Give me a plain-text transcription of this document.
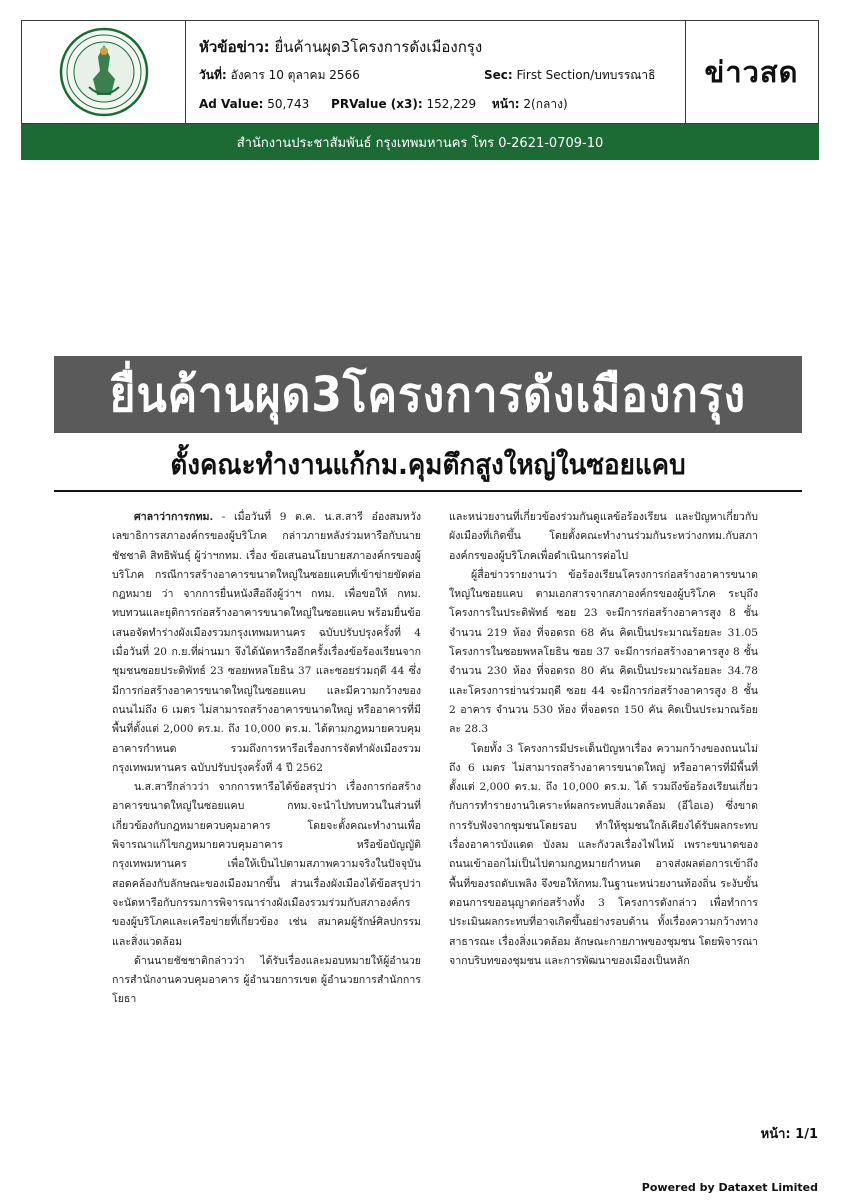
หัวข้อข่าว: ยื่นค้านผุด3โครงการดังเมืองกรุง
วันที่: อังคาร 10 ตุลาคม 2566	Sec: First Section/บทบรรณาธิ
Ad Value: 50,743 PRValue (x3): 152,229 หน้า: 2(กลาง)
ข่าวสด
สำนักงานประชาสัมพันธ์ กรุงเทพมหานคร โทร 0-2621-0709-10
ยื่นค้านผุด3โครงการดังเมืองกรุง
ตั้งคณะทำงานแก้กม.คุมตึกสูงใหญ่ในซอยแคบ

ศาลาว่าการกทม. - เมื่อวันที่ 9 ต.ค. น.ส.สารี อ๋องสมหวัง เลขาธิการสภาองค์กรของผู้บริโภค กล่าวภายหลังร่วมหารือกับนายชัชชาติ สิทธิพันธุ์ ผู้ว่าฯกทม. เรื่อง ข้อเสนอนโยบายสภาองค์กรของผู้บริโภค กรณีการสร้างอาคารขนาดใหญ่ในซอยแคบที่เข้าข่ายขัดต่อกฎหมาย ว่า จากการยื่นหนังสือถึงผู้ว่าฯ กทม. เพื่อขอให้ กทม. ทบทวนและยุติการก่อสร้างอาคารขนาดใหญ่ในซอยแคบ พร้อมยื่นข้อเสนอจัดทำร่างผังเมืองรวมกรุงเทพมหานคร ฉบับปรับปรุงครั้งที่ 4 เมื่อวันที่ 20 ก.ย.ที่ผ่านมา จึงได้นัดหารืออีกครั้งเรื่องข้อร้องเรียนจากชุมชนซอยประดิพัทธ์ 23 ซอยพหลโยธิน 37 และซอยร่วมฤดี 44 ซึ่งมีการก่อสร้างอาคารขนาดใหญ่ในซอยแคบ และมีความกว้างของถนนไม่ถึง 6 เมตร ไม่สามารถสร้างอาคารขนาดใหญ่ หรืออาคารที่มีพื้นที่ตั้งแต่ 2,000 ตร.ม. ถึง 10,000 ตร.ม. ได้ตามกฎหมายควบคุมอาคารกำหนด รวมถึงการหารือเรื่องการจัดทำผังเมืองรวมกรุงเทพมหานคร ฉบับปรับปรุงครั้งที่ 4 ปี 2562

น.ส.สารีกล่าวว่า จากการหารือได้ข้อสรุปว่า เรื่องการก่อสร้างอาคารขนาดใหญ่ในซอยแคบ กทม.จะนำไปทบทวนในส่วนที่เกี่ยวข้องกับกฎหมายควบคุมอาคาร โดยจะตั้งคณะทำงานเพื่อพิจารณาแก้ไขกฎหมายควบคุมอาคาร หรือข้อบัญญัติกรุงเทพมหานคร เพื่อให้เป็นไปตามสภาพความจริงในปัจจุบัน สอดคล้องกับลักษณะของเมืองมากขึ้น ส่วนเรื่องผังเมืองได้ข้อสรุปว่าจะนัดหารือกับกรรมการพิจารณาร่างผังเมืองรวมร่วมกับสภาองค์กรของผู้บริโภคและเครือข่ายที่เกี่ยวข้อง เช่น สมาคมผู้รักษ์ศิลปกรรมและสิ่งแวดล้อม

ด้านนายชัชชาติกล่าวว่า ได้รับเรื่องและมอบหมายให้ผู้อำนวยการสำนักงานควบคุมอาคาร ผู้อำนวยการเขต ผู้อำนวยการสำนักการโยธา

และหน่วยงานที่เกี่ยวข้องร่วมกันดูแลข้อร้องเรียน และปัญหาเกี่ยวกับผังเมืองที่เกิดขึ้น โดยตั้งคณะทำงานร่วมกันระหว่างกทม.กับสภาองค์กรของผู้บริโภคเพื่อดำเนินการต่อไป

ผู้สื่อข่าวรายงานว่า ข้อร้องเรียนโครงการก่อสร้างอาคารขนาดใหญ่ในซอยแคบ ตามเอกสารจากสภาองค์กรของผู้บริโภค ระบุถึงโครงการในประดิพัทธ์ ซอย 23 จะมีการก่อสร้างอาคารสูง 8 ชั้น จำนวน 219 ห้อง ที่จอดรถ 68 คัน คิดเป็นประมาณร้อยละ 31.05 โครงการในซอยพหลโยธิน ซอย 37 จะมีการก่อสร้างอาคารสูง 8 ชั้น จำนวน 230 ห้อง ที่จอดรถ 80 คัน คิดเป็นประมาณร้อยละ 34.78 และโครงการย่านร่วมฤดี ซอย 44 จะมีการก่อสร้างอาคารสูง 8 ชั้น 2 อาคาร จำนวน 530 ห้อง ที่จอดรถ 150 คัน คิดเป็นประมาณร้อยละ 28.3

โดยทั้ง 3 โครงการมีประเด็นปัญหาเรื่อง ความกว้างของถนนไม่ถึง 6 เมตร ไม่สามารถสร้างอาคารขนาดใหญ่ หรืออาคารที่มีพื้นที่ตั้งแต่ 2,000 ตร.ม. ถึง 10,000 ตร.ม. ได้ รวมถึงข้อร้องเรียนเกี่ยวกับการทำรายงานวิเคราะห์ผลกระทบสิ่งแวดล้อม (อีไอเอ) ซึ่งขาดการรับฟังจากชุมชนโดยรอบ ทำให้ชุมชนใกล้เคียงได้รับผลกระทบเรื่องอาคารบังแดด บังลม และกังวลเรื่องไฟไหม้ เพราะขนาดของถนนเข้าออกไม่เป็นไปตามกฎหมายกำหนด อาจส่งผลต่อการเข้าถึงพื้นที่ของรถดับเพลิง จึงขอให้กทม.ในฐานะหน่วยงานท้องถิ่น ระงับขั้นตอนการขออนุญาตก่อสร้างทั้ง 3 โครงการดังกล่าว เพื่อทำการประเมินผลกระทบที่อาจเกิดขึ้นอย่างรอบด้าน ทั้งเรื่องความกว้างทางสาธารณะ เรื่องสิ่งแวดล้อม ลักษณะกายภาพของชุมชน โดยพิจารณาจากบริบทของชุมชน และการพัฒนาของเมืองเป็นหลัก

หน้า: 1/1
Powered by Dataxet Limited
